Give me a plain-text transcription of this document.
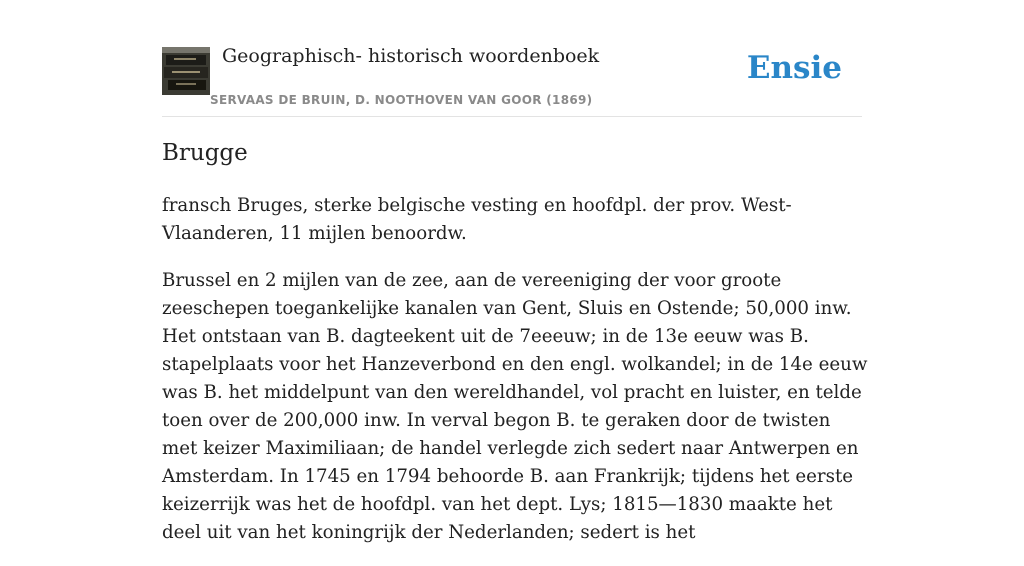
Geographisch- historisch woordenboek
SERVAAS DE BRUIN, D. NOOTHOVEN VAN GOOR (1869)
Ensie
Brugge

fransch Bruges, sterke belgische vesting en hoofdpl. der prov. West-Vlaanderen, 11 mijlen benoordw.

Brussel en 2 mijlen van de zee, aan de vereeniging der voor groote zeeschepen toegankelijke kanalen van Gent, Sluis en Ostende; 50,000 inw. Het ontstaan van B. dagteekent uit de 7eeeuw; in de 13e eeuw was B. stapelplaats voor het Hanzeverbond en den engl. wolkandel; in de 14e eeuw was B. het middelpunt van den wereldhandel, vol pracht en luister, en telde toen over de 200,000 inw. In verval begon B. te geraken door de twisten met keizer Maximiliaan; de handel verlegde zich sedert naar Antwerpen en Amsterdam. In 1745 en 1794 behoorde B. aan Frankrijk; tijdens het eerste keizerrijk was het de hoofdpl. van het dept. Lys; 1815—1830 maakte het deel uit van het koningrijk der Nederlanden; sedert is het
